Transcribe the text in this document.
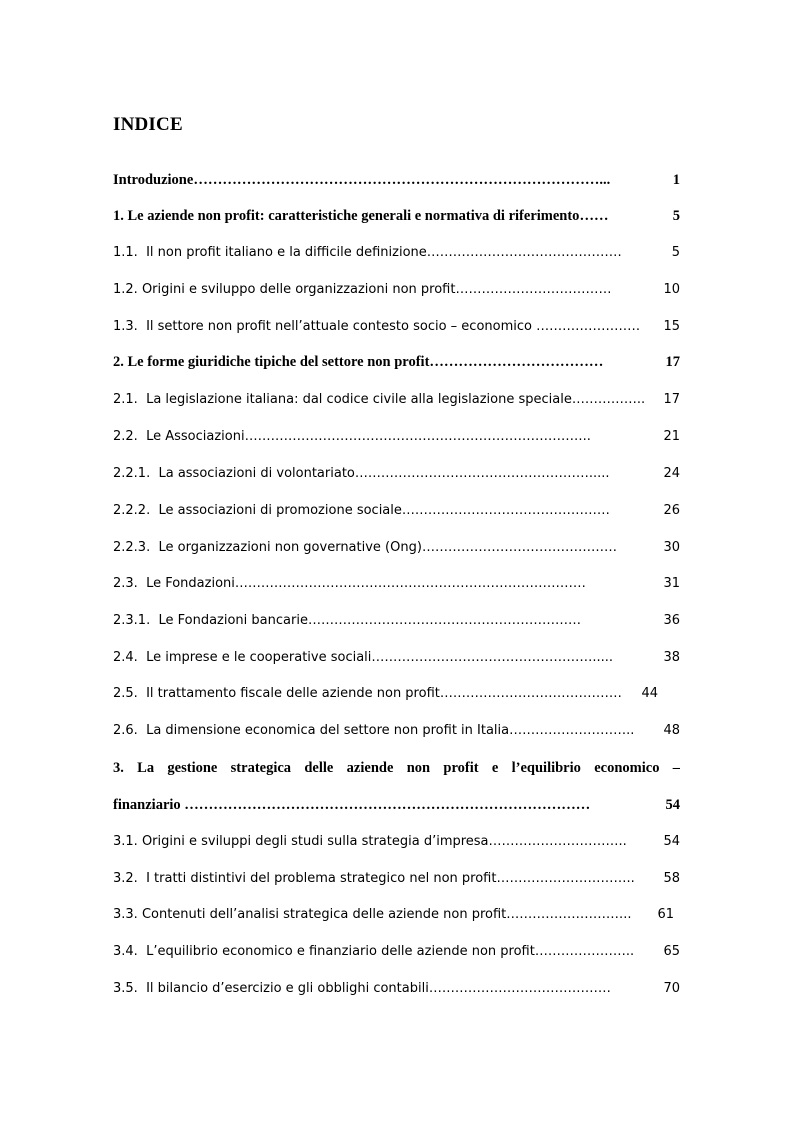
INDICE
Introduzione…………………………………………………………………………...	1
1. Le aziende non profit: caratteristiche generali e normativa di riferimento……	5
1.1.  Il non profit italiano e la difficile definizione………………………………………	5
1.2. Origini e sviluppo delle organizzazioni non profit………………………………	10
1.3.  Il settore non profit nell’attuale contesto socio – economico …………………… 15
2. Le forme giuridiche tipiche del settore non profit………………………………	17
2.1.  La legislazione italiana: dal codice civile alla legislazione speciale…………….. 17
2.2.  Le Associazioni……………………………………………………………………..	21
2.2.1.  La associazioni di volontariato……………………………………………….....	24
2.2.2.  Le associazioni di promozione sociale…………………………………………	26
2.2.3.  Le organizzazioni non governative (Ong)………………………………………	30
2.3.  Le Fondazioni………………………………………………………………………	31
2.3.1.  Le Fondazioni bancarie………………………………………………………	36
2.4.  Le imprese e le cooperative sociali…………………………………………….....	38
2.5.  Il trattamento fiscale delle aziende non profit…………………………………… 44
2.6.  La dimensione economica del settore non profit in Italia……………………….. 48
3. La gestione strategica delle aziende non profit e l’equilibrio economico –
finanziario …………………………………………………………………………	54
3.1. Origini e sviluppi degli studi sulla strategia d’impresa…………………………..	54
3.2.  I tratti distintivi del problema strategico nel non profit………………………….. 58
3.3. Contenuti dell’analisi strategica delle aziende non profit……………………….. 61
3.4.  L’equilibrio economico e finanziario delle aziende non profit………………….. 65
3.5.  Il bilancio d’esercizio e gli obblighi contabili……………………………………	70
